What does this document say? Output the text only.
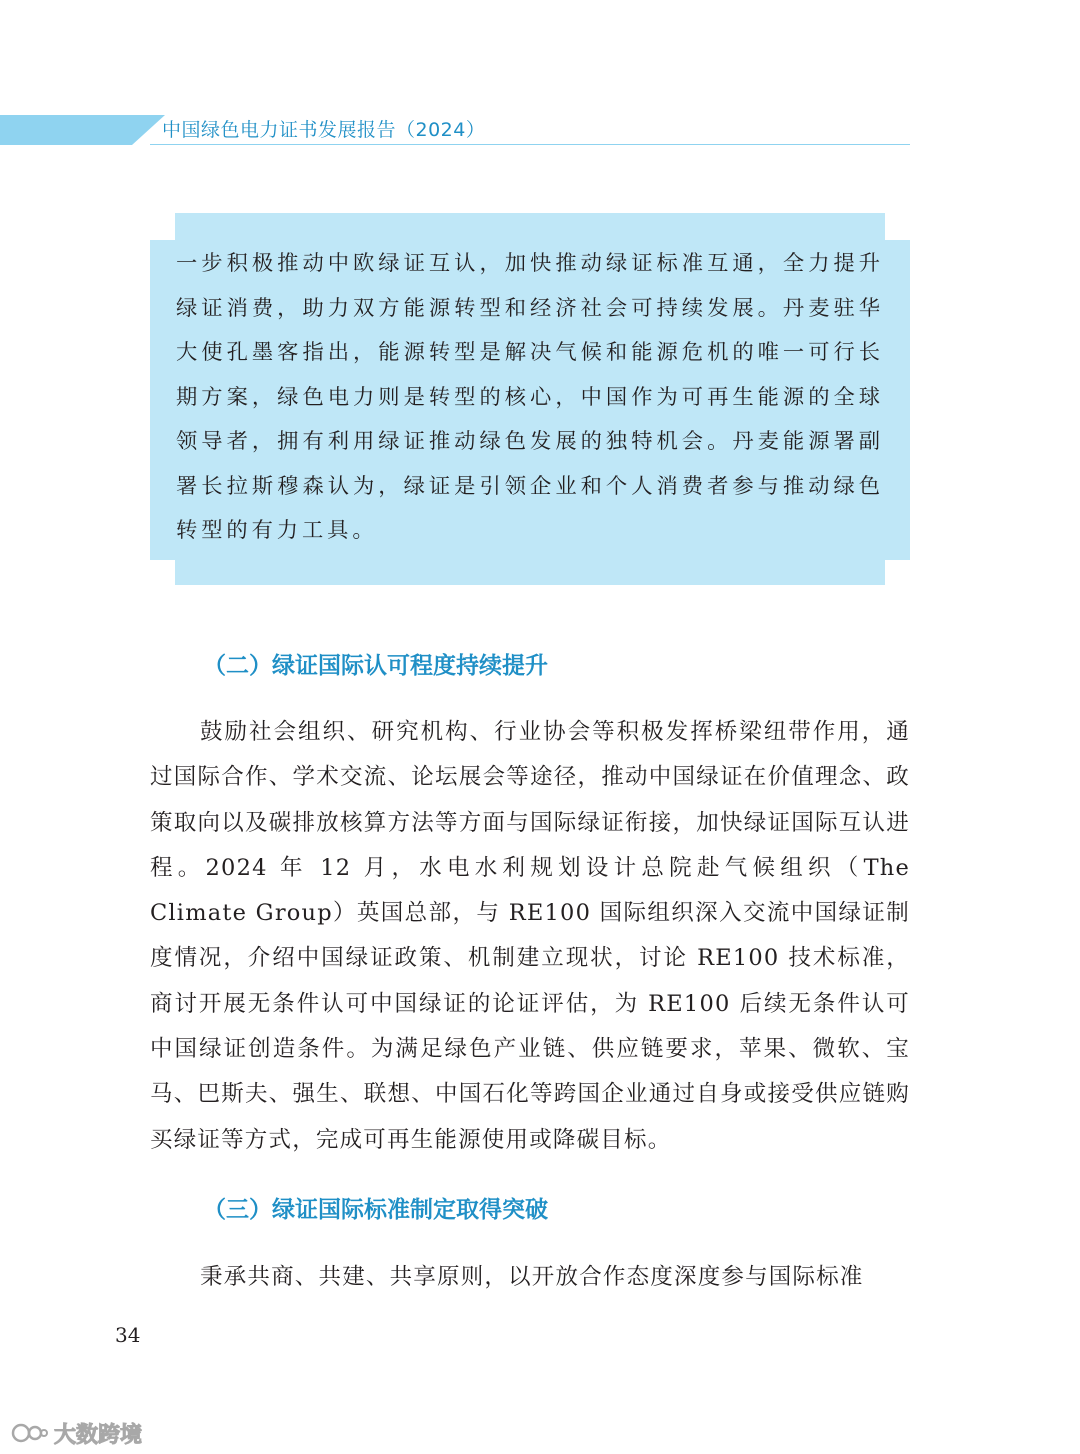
中国绿色电力证书发展报告（2024）

一步积极推动中欧绿证互认，加快推动绿证标准互通，全力提升绿证消费，助力双方能源转型和经济社会可持续发展。丹麦驻华大使孔墨客指出，能源转型是解决气候和能源危机的唯一可行长期方案，绿色电力则是转型的核心，中国作为可再生能源的全球领导者，拥有利用绿证推动绿色发展的独特机会。丹麦能源署副署长拉斯穆森认为，绿证是引领企业和个人消费者参与推动绿色转型的有力工具。

（二）绿证国际认可程度持续提升

鼓励社会组织、研究机构、行业协会等积极发挥桥梁纽带作用，通过国际合作、学术交流、论坛展会等途径，推动中国绿证在价值理念、政策取向以及碳排放核算方法等方面与国际绿证衔接，加快绿证国际互认进程。2024 年 12 月，水电水利规划设计总院赴气候组织（The Climate Group）英国总部，与 RE100 国际组织深入交流中国绿证制度情况，介绍中国绿证政策、机制建立现状，讨论 RE100 技术标准，商讨开展无条件认可中国绿证的论证评估，为 RE100 后续无条件认可中国绿证创造条件。为满足绿色产业链、供应链要求，苹果、微软、宝马、巴斯夫、强生、联想、中国石化等跨国企业通过自身或接受供应链购买绿证等方式，完成可再生能源使用或降碳目标。

（三）绿证国际标准制定取得突破

秉承共商、共建、共享原则，以开放合作态度深度参与国际标准

34
大数跨境
